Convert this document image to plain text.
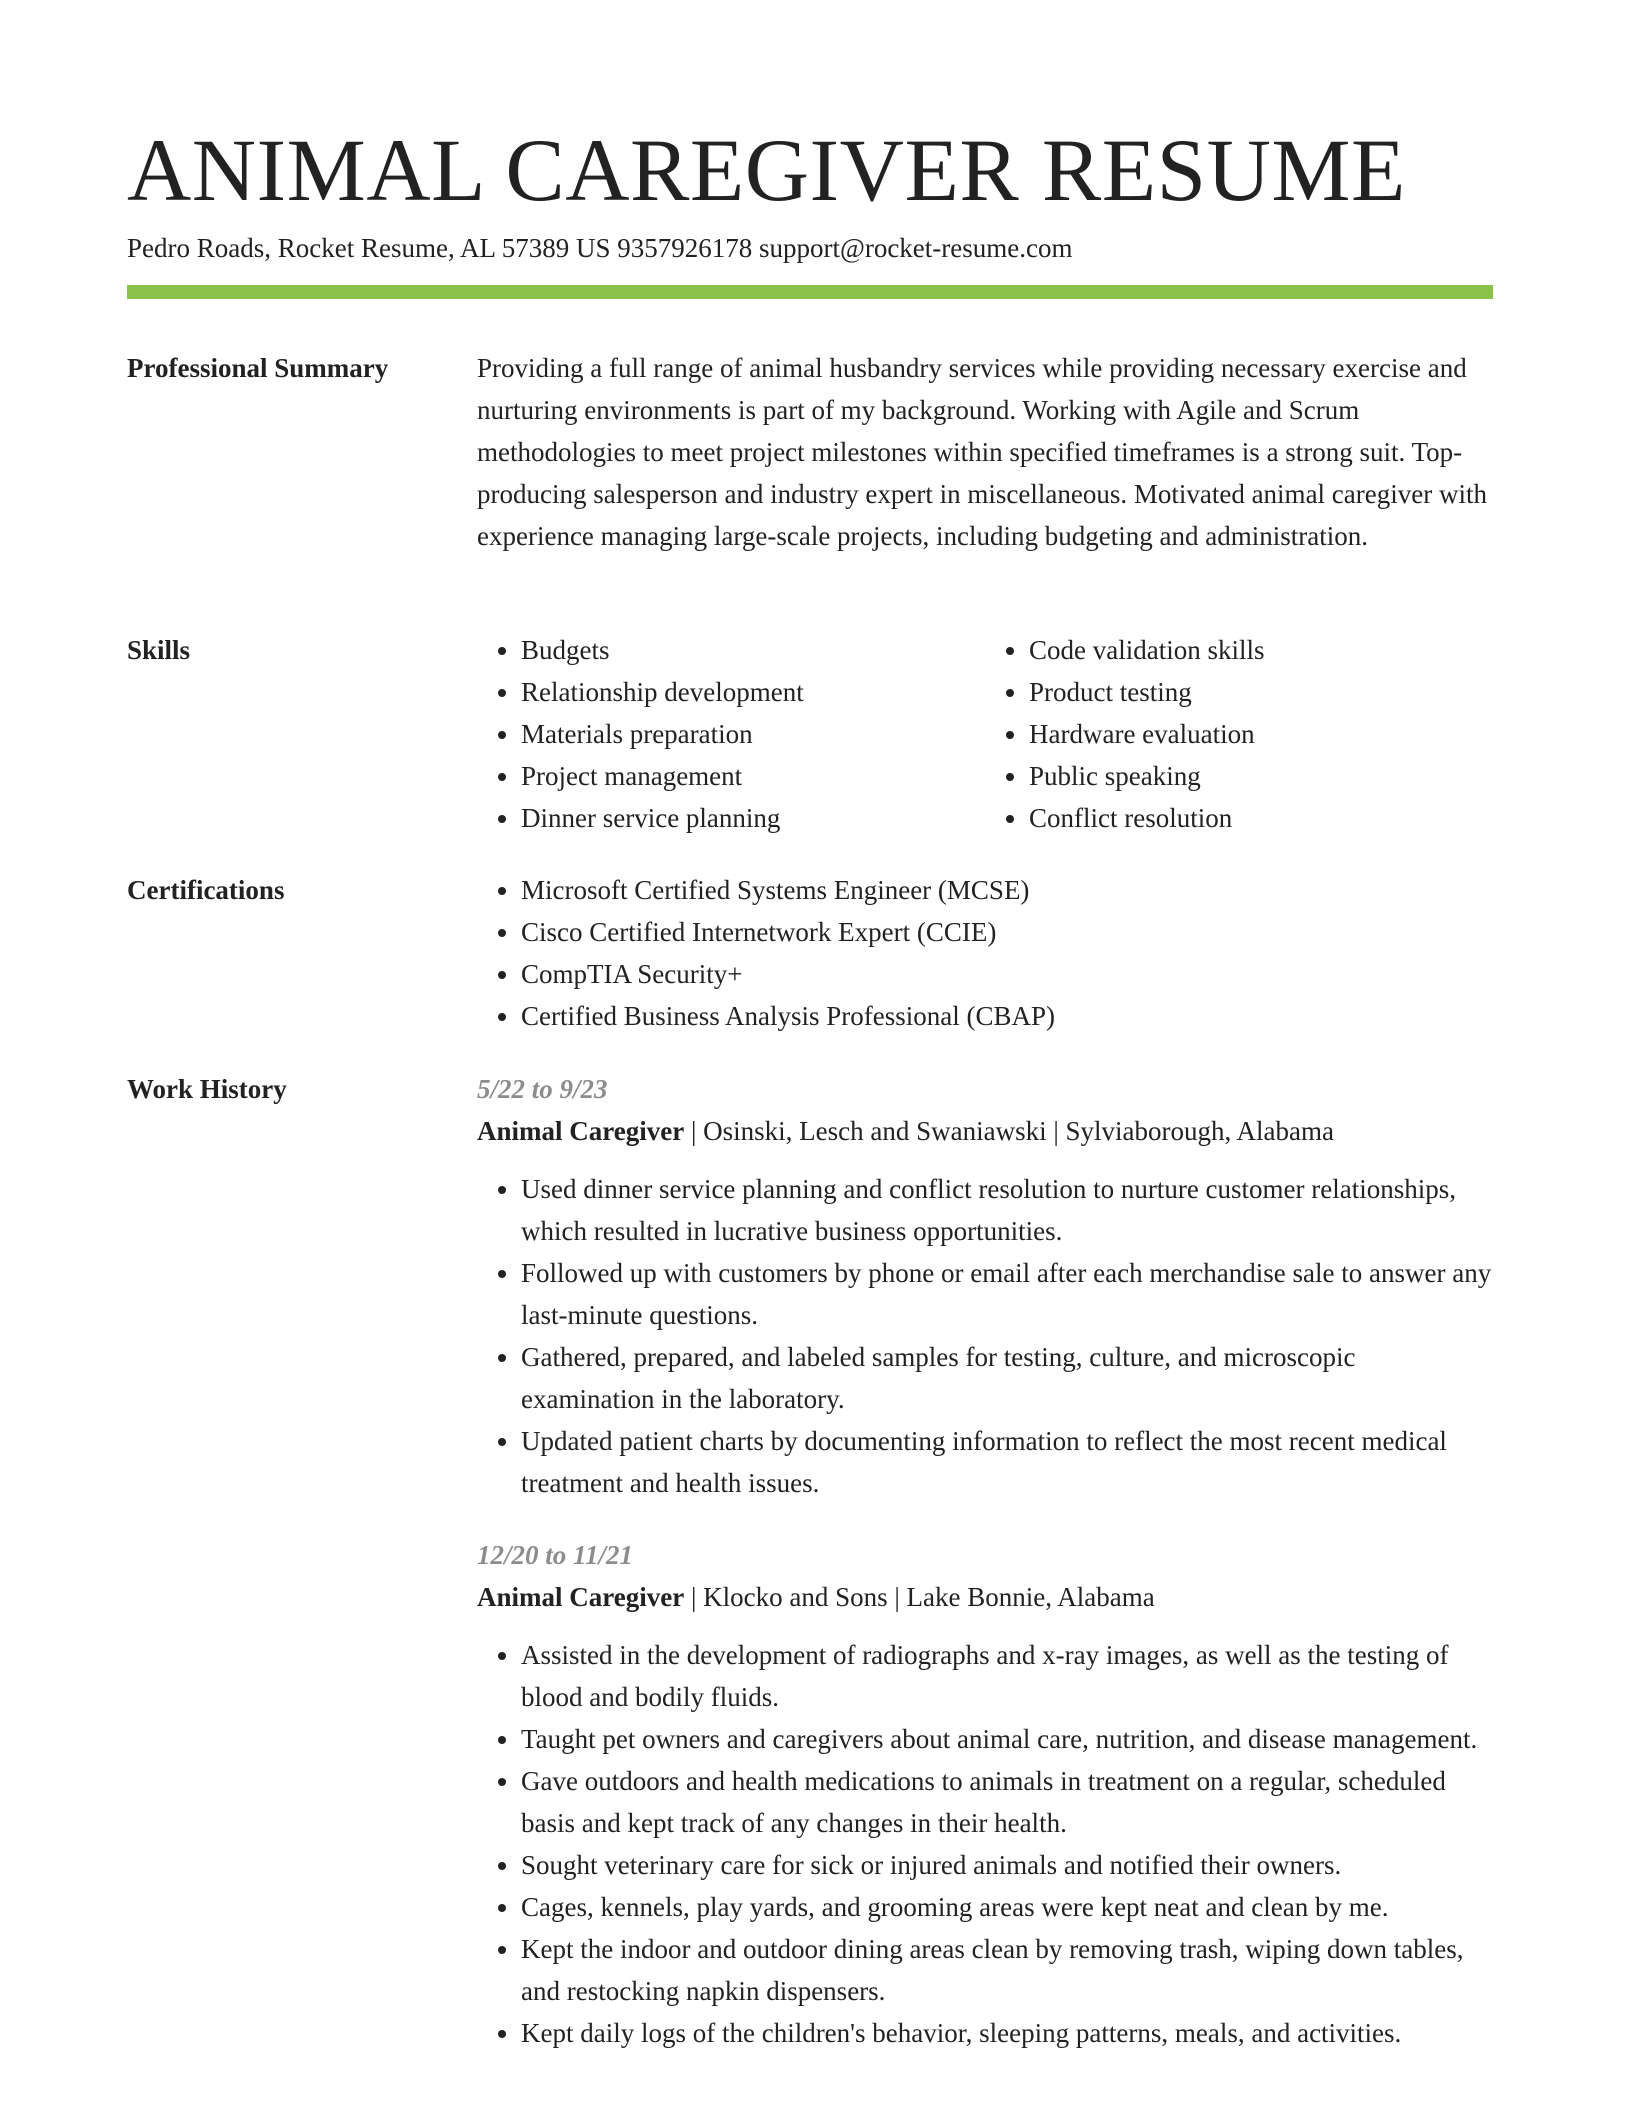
ANIMAL CAREGIVER RESUME
Pedro Roads, Rocket Resume, AL 57389 US 9357926178 support@rocket-resume.com
Professional Summary	Providing a full range of animal husbandry services while providing necessary exercise and nurturing environments is part of my background. Working with Agile and Scrum methodologies to meet project milestones within specified timeframes is a strong suit. Top-producing salesperson and industry expert in miscellaneous. Motivated animal caregiver with experience managing large-scale projects, including budgeting and administration.

Skills	• Budgets
• Relationship development
• Materials preparation
• Project management
• Dinner service planning
• Code validation skills
• Product testing
• Hardware evaluation
• Public speaking
• Conflict resolution
Certifications	• Microsoft Certified Systems Engineer (MCSE)
• Cisco Certified Internetwork Expert (CCIE)
• CompTIA Security+
• Certified Business Analysis Professional (CBAP)
Work History	5/22 to 9/23
Animal Caregiver | Osinski, Lesch and Swaniawski | Sylviaborough, Alabama
• Used dinner service planning and conflict resolution to nurture customer relationships, which resulted in lucrative business opportunities.
• Followed up with customers by phone or email after each merchandise sale to answer any last-minute questions.
• Gathered, prepared, and labeled samples for testing, culture, and microscopic examination in the laboratory.
• Updated patient charts by documenting information to reflect the most recent medical treatment and health issues.
12/20 to 11/21
Animal Caregiver | Klocko and Sons | Lake Bonnie, Alabama
• Assisted in the development of radiographs and x-ray images, as well as the testing of blood and bodily fluids.
• Taught pet owners and caregivers about animal care, nutrition, and disease management.
• Gave outdoors and health medications to animals in treatment on a regular, scheduled basis and kept track of any changes in their health.
• Sought veterinary care for sick or injured animals and notified their owners.
• Cages, kennels, play yards, and grooming areas were kept neat and clean by me.
• Kept the indoor and outdoor dining areas clean by removing trash, wiping down tables, and restocking napkin dispensers.
• Kept daily logs of the children's behavior, sleeping patterns, meals, and activities.
